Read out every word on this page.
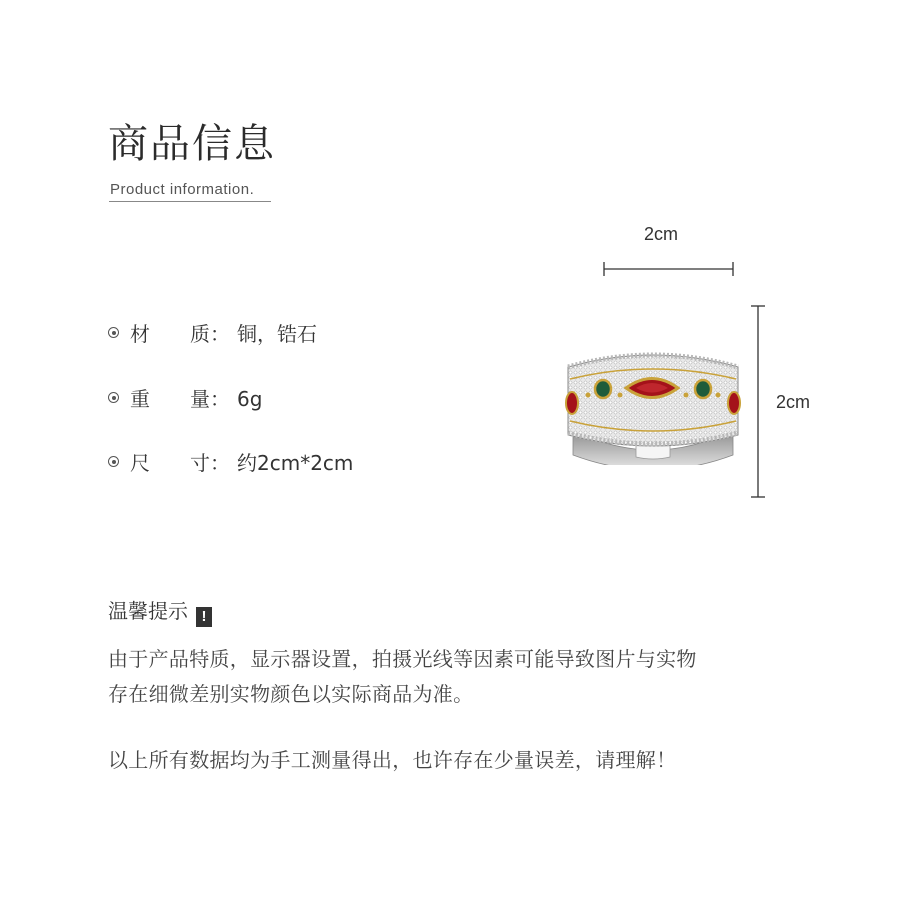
商品信息
Product information.
材　　质： 铜，锆石
重　　量： 6g
尺　　寸： 约2cm*2cm
2cm
2cm
温馨提示 !
由于产品特质，显示器设置，拍摄光线等因素可能导致图片与实物
存在细微差别实物颜色以实际商品为准。
以上所有数据均为手工测量得出，也许存在少量误差，请理解！
